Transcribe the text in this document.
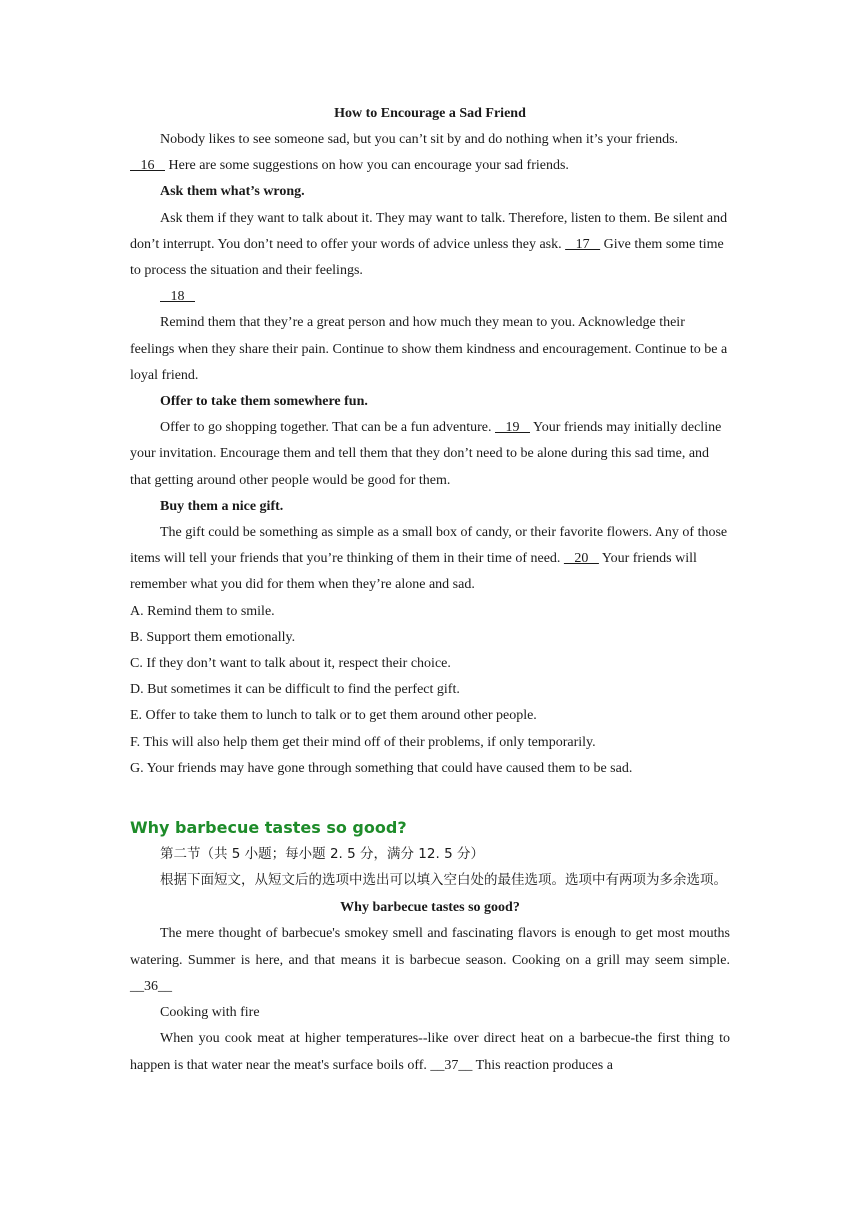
How to Encourage a Sad Friend

Nobody likes to see someone sad, but you can’t sit by and do nothing when it’s your friends.

16    Here are some suggestions on how you can encourage your sad friends.

Ask them what’s wrong.

Ask them if they want to talk about it. They may want to talk. Therefore, listen to them. Be silent and don’t interrupt. You don’t need to offer your words of advice unless they ask.    17    Give them some time to process the situation and their feelings.

18

Remind them that they’re a great person and how much they mean to you. Acknowledge their feelings when they share their pain. Continue to show them kindness and encouragement. Continue to be a loyal friend.

Offer to take them somewhere fun.

Offer to go shopping together. That can be a fun adventure.    19    Your friends may initially decline your invitation. Encourage them and tell them that they don’t need to be alone during this sad time, and that getting around other people would be good for them.

Buy them a nice gift.

The gift could be something as simple as a small box of candy, or their favorite flowers. Any of those items will tell your friends that you’re thinking of them in their time of need.    20    Your friends will remember what you did for them when they’re alone and sad.

A. Remind them to smile.

B. Support them emotionally.

C. If they don’t want to talk about it, respect their choice.

D. But sometimes it can be difficult to find the perfect gift.

E. Offer to take them to lunch to talk or to get them around other people.

F. This will also help them get their mind off of their problems, if only temporarily.

G. Your friends may have gone through something that could have caused them to be sad.

Why barbecue tastes so good?

第二节（共 5 小题；每小题 2. 5 分，满分 12. 5 分）

根据下面短文，从短文后的选项中选出可以填入空白处的最佳选项。选项中有两项为多余选项。

Why barbecue tastes so good?

The mere thought of barbecue's smokey smell and fascinating flavors is enough to get most mouths watering. Summer is here, and that means it is barbecue season. Cooking on a grill may seem simple. __36__

Cooking with fire

When you cook meat at higher temperatures--like over direct heat on a barbecue-the first thing to happen is that water near the meat's surface boils off. __37__ This reaction produces a
